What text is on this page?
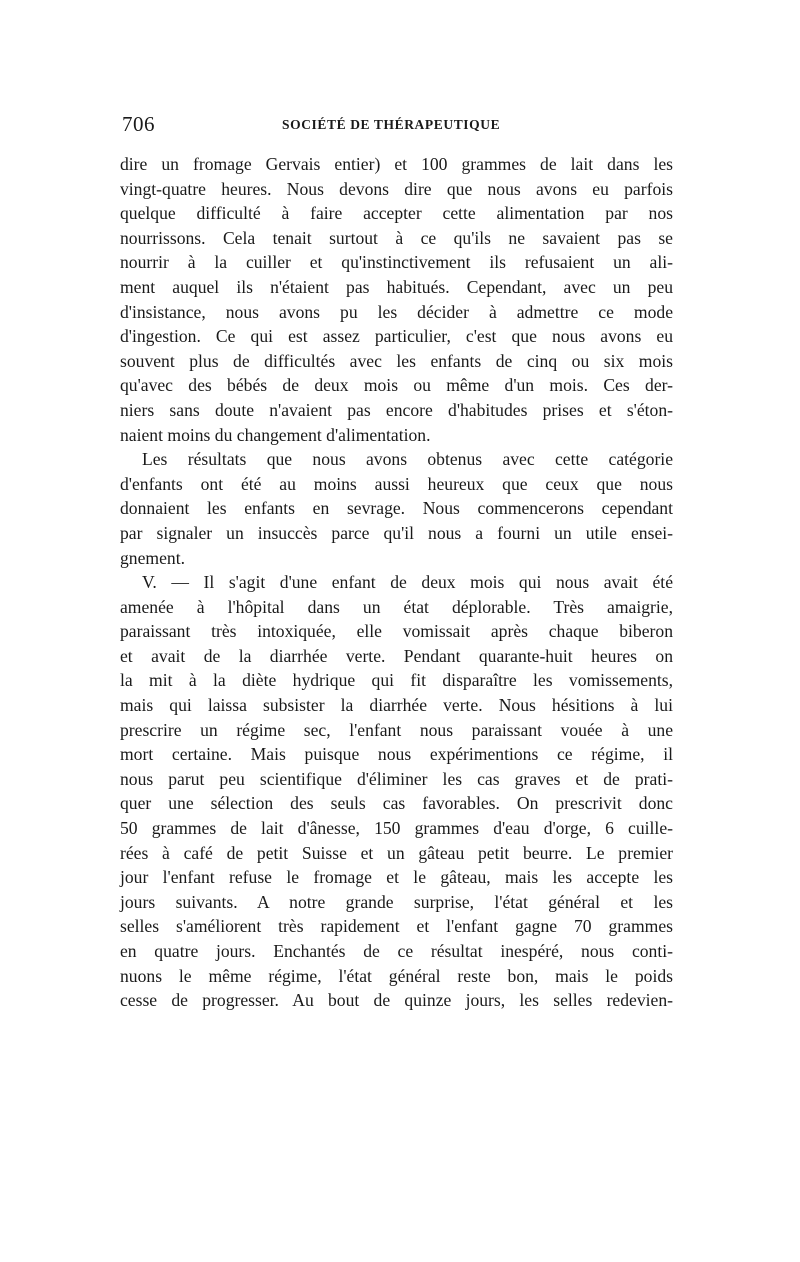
706	SOCIÉTÉ DE THÉRAPEUTIQUE

dire un fromage Gervais entier) et 100 grammes de lait dans les
vingt-quatre heures. Nous devons dire que nous avons eu parfois
quelque difficulté à faire accepter cette alimentation par nos
nourrissons. Cela tenait surtout à ce qu'ils ne savaient pas se
nourrir à la cuiller et qu'instinctivement ils refusaient un ali-
ment auquel ils n'étaient pas habitués. Cependant, avec un peu
d'insistance, nous avons pu les décider à admettre ce mode
d'ingestion. Ce qui est assez particulier, c'est que nous avons eu
souvent plus de difficultés avec les enfants de cinq ou six mois
qu'avec des bébés de deux mois ou même d'un mois. Ces der-
niers sans doute n'avaient pas encore d'habitudes prises et s'éton-
naient moins du changement d'alimentation.

Les résultats que nous avons obtenus avec cette catégorie
d'enfants ont été au moins aussi heureux que ceux que nous
donnaient les enfants en sevrage. Nous commencerons cependant
par signaler un insuccès parce qu'il nous a fourni un utile ensei-
gnement.

V. — Il s'agit d'une enfant de deux mois qui nous avait été
amenée à l'hôpital dans un état déplorable. Très amaigrie,
paraissant très intoxiquée, elle vomissait après chaque biberon
et avait de la diarrhée verte. Pendant quarante-huit heures on
la mit à la diète hydrique qui fit disparaître les vomissements,
mais qui laissa subsister la diarrhée verte. Nous hésitions à lui
prescrire un régime sec, l'enfant nous paraissant vouée à une
mort certaine. Mais puisque nous expérimentions ce régime, il
nous parut peu scientifique d'éliminer les cas graves et de prati-
quer une sélection des seuls cas favorables. On prescrivit donc
50 grammes de lait d'ânesse, 150 grammes d'eau d'orge, 6 cuille-
rées à café de petit Suisse et un gâteau petit beurre. Le premier
jour l'enfant refuse le fromage et le gâteau, mais les accepte les
jours suivants. A notre grande surprise, l'état général et les
selles s'améliorent très rapidement et l'enfant gagne 70 grammes
en quatre jours. Enchantés de ce résultat inespéré, nous conti-
nuons le même régime, l'état général reste bon, mais le poids
cesse de progresser. Au bout de quinze jours, les selles redevien-
